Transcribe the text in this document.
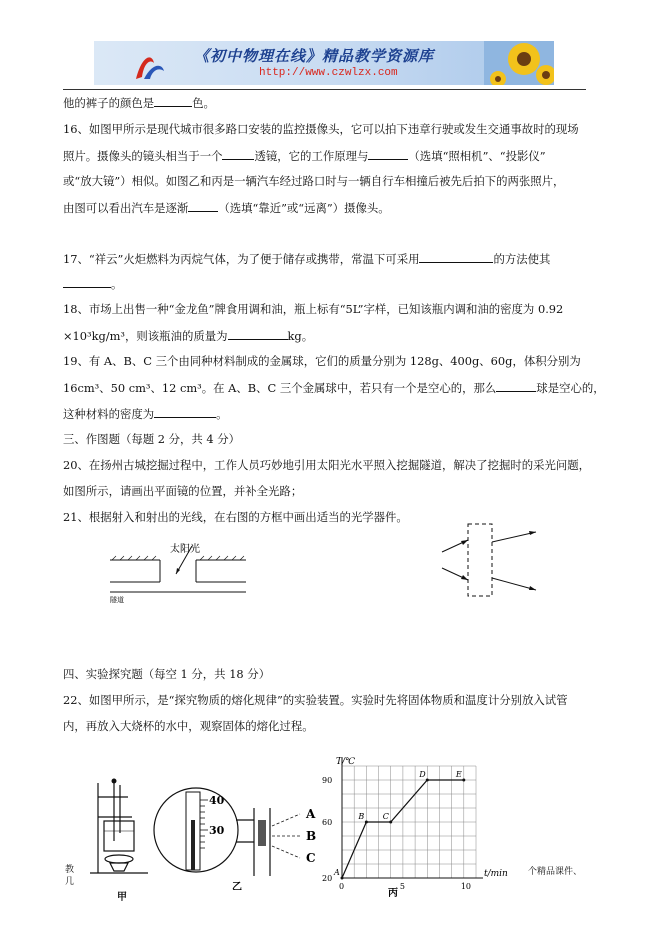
《初中物理在线》精品教学资源库
http://www.czwlzx.com
他的裤子的颜色是	色。
16、如图甲所示是现代城市很多路口安装的监控摄像头，它可以拍下违章行驶或发生交通事故时的现场
照片。摄像头的镜头相当于一个	透镜，它的工作原理与	（选填“照相机”、“投影仪”
或“放大镜”）相似。如图乙和丙是一辆汽车经过路口时与一辆自行车相撞后被先后拍下的两张照片，
由图可以看出汽车是逐渐	（选填“靠近”或“远离”）摄像头。
17、“祥云”火炬燃料为丙烷气体，为了便于储存或携带，常温下可采用	的方法使其
。
18、市场上出售一种“金龙鱼”牌食用调和油，瓶上标有“5L”字样，已知该瓶内调和油的密度为 0.92
×10³kg/m³，则该瓶油的质量为	kg。
19、有 A、B、C 三个由同种材料制成的金属球，它们的质量分别为 128g、400g、60g，体积分别为
16cm³、50 cm³、12 cm³。在 A、B、C 三个金属球中，若只有一个是空心的，那么	球是空心的，
这种材料的密度为	。
三、作图题（每题 2 分，共 4 分）
20、在扬州古城挖掘过程中，工作人员巧妙地引用太阳光水平照入挖掘隧道，解决了挖掘时的采光问题，
如图所示，请画出平面镜的位置，并补全光路；
21、根据射入和射出的光线，在右图的方框中画出适当的光学器件。
太阳光
隧道
四、实验探究题（每空 1 分，共 18 分）
22、如图甲所示，是“探究物质的熔化规律”的实验装置。实验时先将固体物质和温度计分别放入试管
内，再放入大烧杯的水中，观察固体的熔化过程。
教
几
甲
40
30
A
B
C
乙
T/℃
t/min
20
60
90
0	5	10
A
B C
D	E
丙
个精品课件、
